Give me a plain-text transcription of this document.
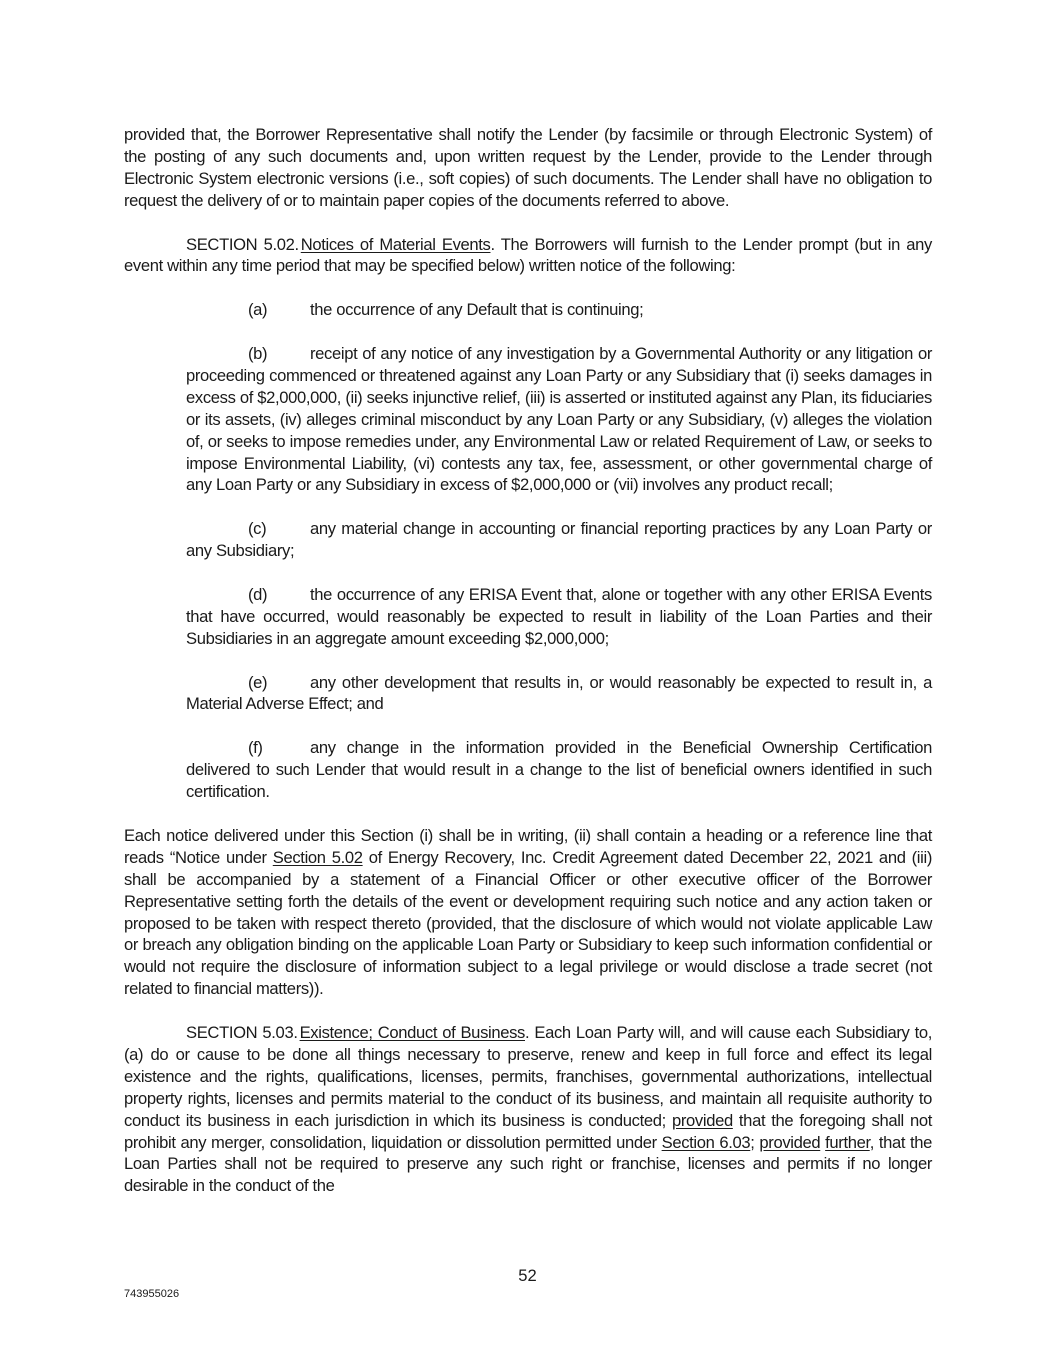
provided that, the Borrower Representative shall notify the Lender (by facsimile or through Electronic System) of the posting of any such documents and, upon written request by the Lender, provide to the Lender through Electronic System electronic versions (i.e., soft copies) of such documents. The Lender shall have no obligation to request the delivery of or to maintain paper copies of the documents referred to above.

SECTION 5.02. Notices of Material Events. The Borrowers will furnish to the Lender prompt (but in any event within any time period that may be specified below) written notice of the following:

(a)	the occurrence of any Default that is continuing;

(b)	receipt of any notice of any investigation by a Governmental Authority or any litigation or proceeding commenced or threatened against any Loan Party or any Subsidiary that (i) seeks damages in excess of $2,000,000, (ii) seeks injunctive relief, (iii) is asserted or instituted against any Plan, its fiduciaries or its assets, (iv) alleges criminal misconduct by any Loan Party or any Subsidiary, (v) alleges the violation of, or seeks to impose remedies under, any Environmental Law or related Requirement of Law, or seeks to impose Environmental Liability, (vi) contests any tax, fee, assessment, or other governmental charge of any Loan Party or any Subsidiary in excess of $2,000,000 or (vii) involves any product recall;

(c)	any material change in accounting or financial reporting practices by any Loan Party or any Subsidiary;

(d)	the occurrence of any ERISA Event that, alone or together with any other ERISA Events that have occurred, would reasonably be expected to result in liability of the Loan Parties and their Subsidiaries in an aggregate amount exceeding $2,000,000;

(e)	any other development that results in, or would reasonably be expected to result in, a Material Adverse Effect; and

(f)	any change in the information provided in the Beneficial Ownership Certification delivered to such Lender that would result in a change to the list of beneficial owners identified in such certification.

Each notice delivered under this Section (i) shall be in writing, (ii) shall contain a heading or a reference line that reads “Notice under Section 5.02 of Energy Recovery, Inc. Credit Agreement dated December 22, 2021 and (iii) shall be accompanied by a statement of a Financial Officer or other executive officer of the Borrower Representative setting forth the details of the event or development requiring such notice and any action taken or proposed to be taken with respect thereto (provided, that the disclosure of which would not violate applicable Law or breach any obligation binding on the applicable Loan Party or Subsidiary to keep such information confidential or would not require the disclosure of information subject to a legal privilege or would disclose a trade secret (not related to financial matters)).

SECTION 5.03. Existence; Conduct of Business. Each Loan Party will, and will cause each Subsidiary to, (a) do or cause to be done all things necessary to preserve, renew and keep in full force and effect its legal existence and the rights, qualifications, licenses, permits, franchises, governmental authorizations, intellectual property rights, licenses and permits material to the conduct of its business, and maintain all requisite authority to conduct its business in each jurisdiction in which its business is conducted; provided that the foregoing shall not prohibit any merger, consolidation, liquidation or dissolution permitted under Section 6.03; provided further, that the Loan Parties shall not be required to preserve any such right or franchise, licenses and permits if no longer desirable in the conduct of the

52
743955026
